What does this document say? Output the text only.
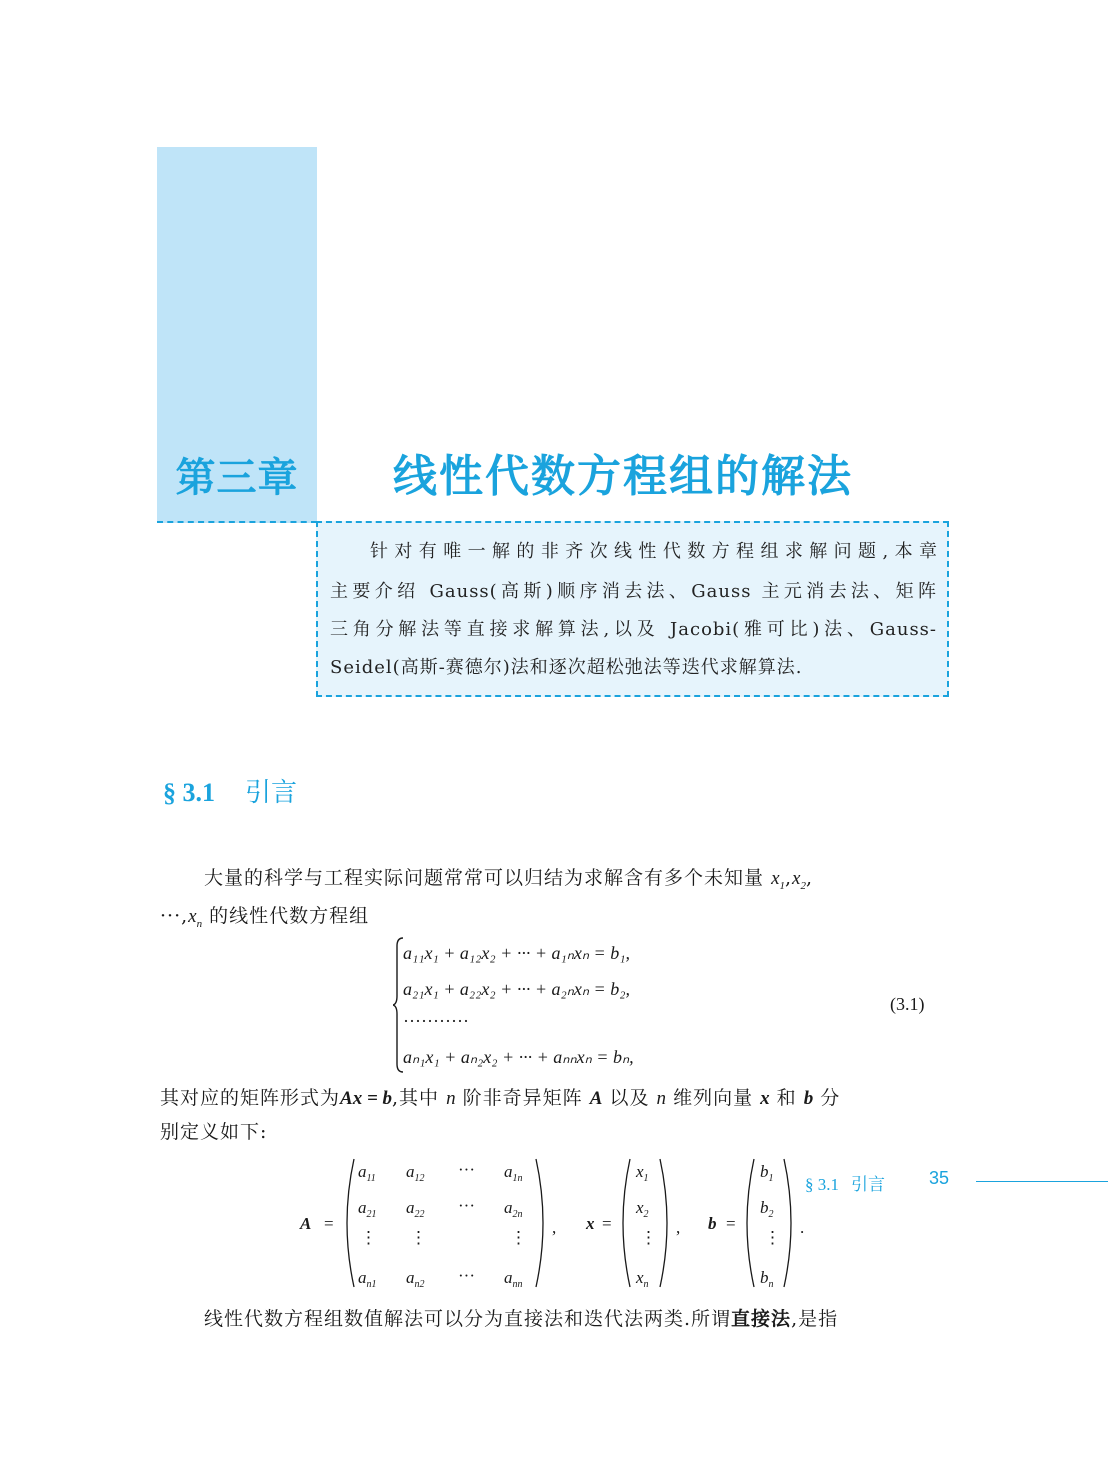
第三章	线性代数方程组的解法
针对有唯一解的非齐次线性代数方程组求解问题,本章
主要介绍 Gauss(高斯)顺序消去法、Gauss 主元消去法、矩阵
三角分解法等直接求解算法,以及 Jacobi(雅可比)法、Gauss-
Seidel(高斯-赛德尔)法和逐次超松弛法等迭代求解算法.
§ 3.1 引言
大量的科学与工程实际问题常常可以归结为求解含有多个未知量 $x_1,x_2$,
$\cdot\cdot\cdot,x_n$ 的线性代数方程组
a₁₁x₁ + a₁₂x₂ + ··· + a₁ₙxₙ = b₁,
a₂₁x₁ + a₂₂x₂ + ··· + a₂ₙxₙ = b₂,
···········
aₙ₁x₁ + aₙ₂x₂ + ··· + aₙₙxₙ = bₙ,
(3.1)
其对应的矩阵形式为Ax = b,其中 n 阶非奇异矩阵 A 以及 n 维列向量 x 和 b 分
别定义如下:
A =
$a_{11}$ $a_{12}$ ··· $a_{1n}$
$a_{21}$ $a_{22}$ ··· $a_{2n}$
⋮ ⋮	⋮
$a_{n1}$ $a_{n2}$ ··· $a_{nn}$
, x =
$x_1$
$x_2$
⋮
$x_n$
, b =
$b_1$
$b_2$
⋮
$b_n$
.
线性代数方程组数值解法可以分为直接法和迭代法两类.所谓直接法,是指
§ 3.1 引言 35
